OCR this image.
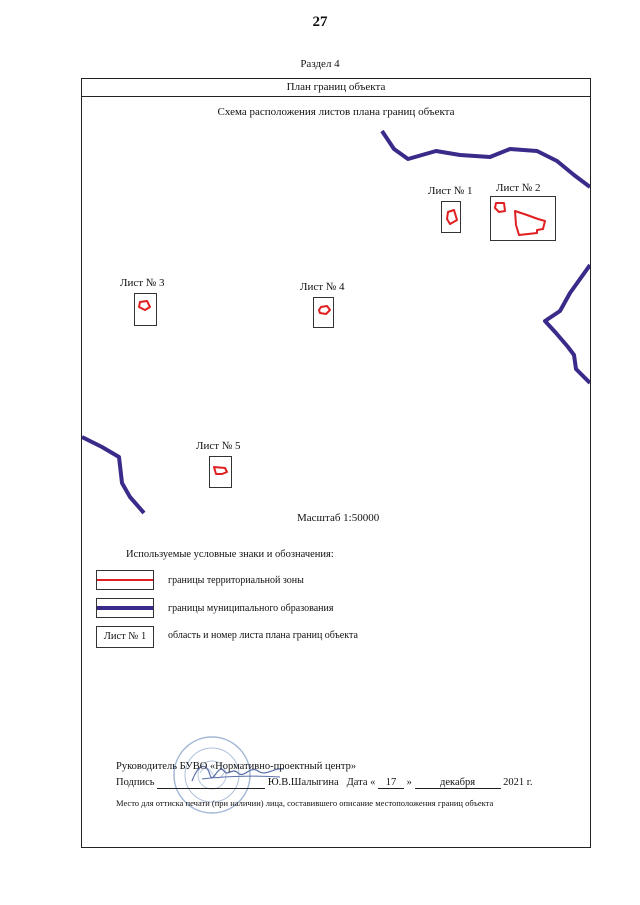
27
Раздел 4
План границ объекта
Схема расположения листов плана границ объекта
Лист № 1 Лист № 2
Лист № 3	Лист № 4
Лист № 5
Масштаб 1:50000
Используемые условные знаки и обозначения:
границы территориальной зоны
границы муниципального образования
Лист № 1	область и номер листа плана границ объекта
Руководитель БУВО «Нормативно-проектный центр»
Подпись	Ю.В.Шалыгина Дата « 17 »	декабря	2021 г.
Место для оттиска печати (при наличии) лица, составившего описание местоположения границ объекта
